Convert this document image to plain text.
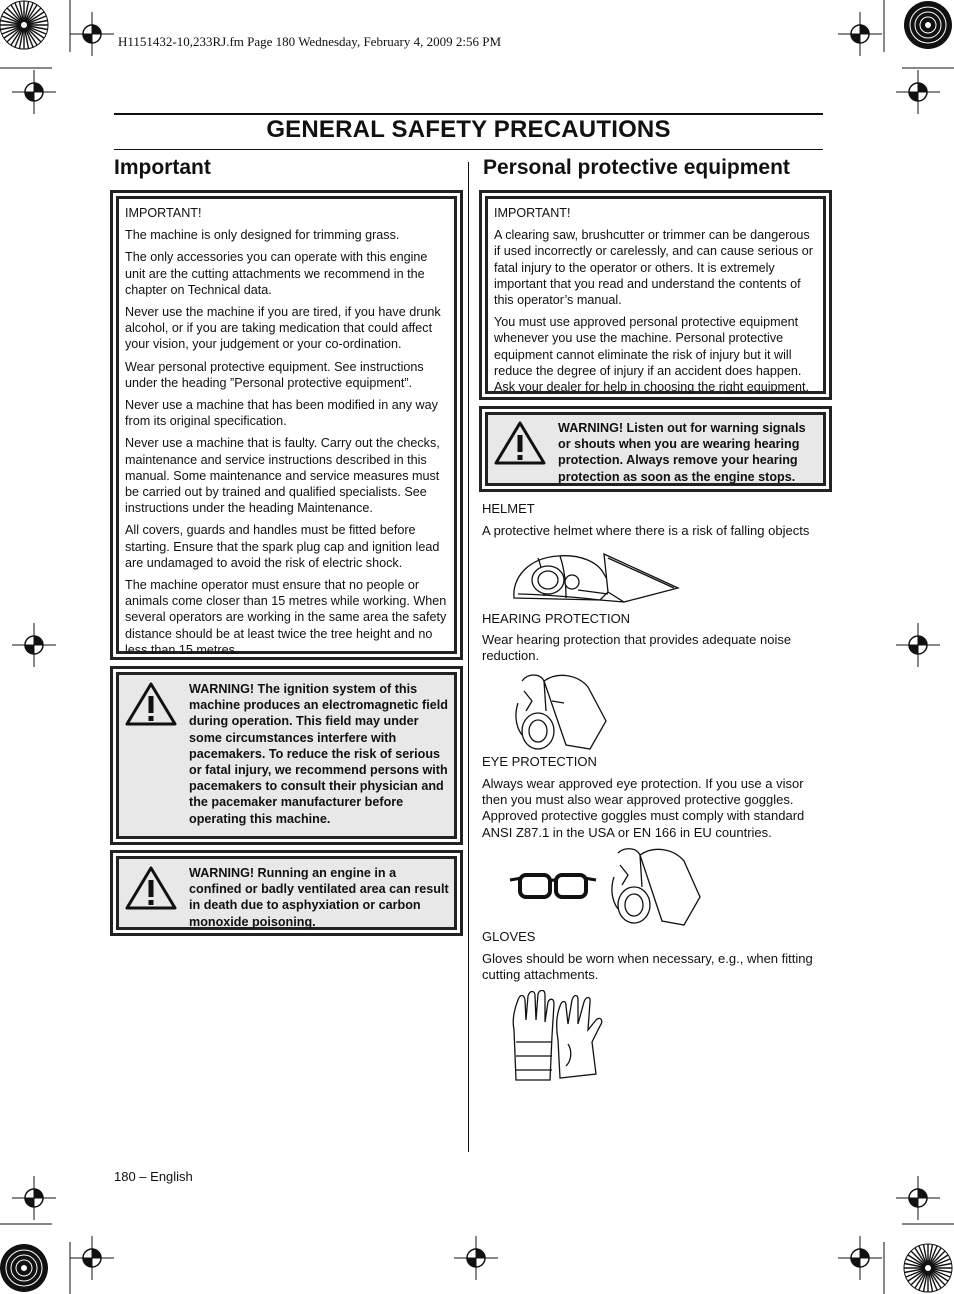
H1151432-10,233RJ.fm Page 180 Wednesday, February 4, 2009 2:56 PM
GENERAL SAFETY PRECAUTIONS
Important

IMPORTANT!

The machine is only designed for trimming grass.

The only accessories you can operate with this engine unit are the cutting attachments we recommend in the chapter on Technical data.

Never use the machine if you are tired, if you have drunk alcohol, or if you are taking medication that could affect your vision, your judgement or your co-ordination.

Wear personal protective equipment. See instructions under the heading ”Personal protective equipment”.

Never use a machine that has been modified in any way from its original specification.

Never use a machine that is faulty. Carry out the checks, maintenance and service instructions described in this manual. Some maintenance and service measures must be carried out by trained and qualified specialists. See instructions under the heading Maintenance.

All covers, guards and handles must be fitted before starting. Ensure that the spark plug cap and ignition lead are undamaged to avoid the risk of electric shock.

The machine operator must ensure that no people or animals come closer than 15 metres while working. When several operators are working in the same area the safety distance should be at least twice the tree height and no less than 15 metres.

WARNING! The ignition system of this machine produces an electromagnetic field during operation. This field may under some circumstances interfere with pacemakers. To reduce the risk of serious or fatal injury, we recommend persons with pacemakers to consult their physician and the pacemaker manufacturer before operating this machine.
WARNING! Running an engine in a confined or badly ventilated area can result in death due to asphyxiation or carbon monoxide poisoning.
Personal protective equipment

IMPORTANT!

A clearing saw, brushcutter or trimmer can be dangerous if used incorrectly or carelessly, and can cause serious or fatal injury to the operator or others. It is extremely important that you read and understand the contents of this operator’s manual.

You must use approved personal protective equipment whenever you use the machine. Personal protective equipment cannot eliminate the risk of injury but it will reduce the degree of injury if an accident does happen. Ask your dealer for help in choosing the right equipment.

WARNING! Listen out for warning signals or shouts when you are wearing hearing protection. Always remove your hearing protection as soon as the engine stops.
HELMET
A protective helmet where there is a risk of falling objects
HEARING PROTECTION
Wear hearing protection that provides adequate noise reduction.
EYE PROTECTION
Always wear approved eye protection. If you use a visor then you must also wear approved protective goggles. Approved protective goggles must comply with standard ANSI Z87.1 in the USA or EN 166 in EU countries.
GLOVES
Gloves should be worn when necessary, e.g., when fitting cutting attachments.
180 – English
